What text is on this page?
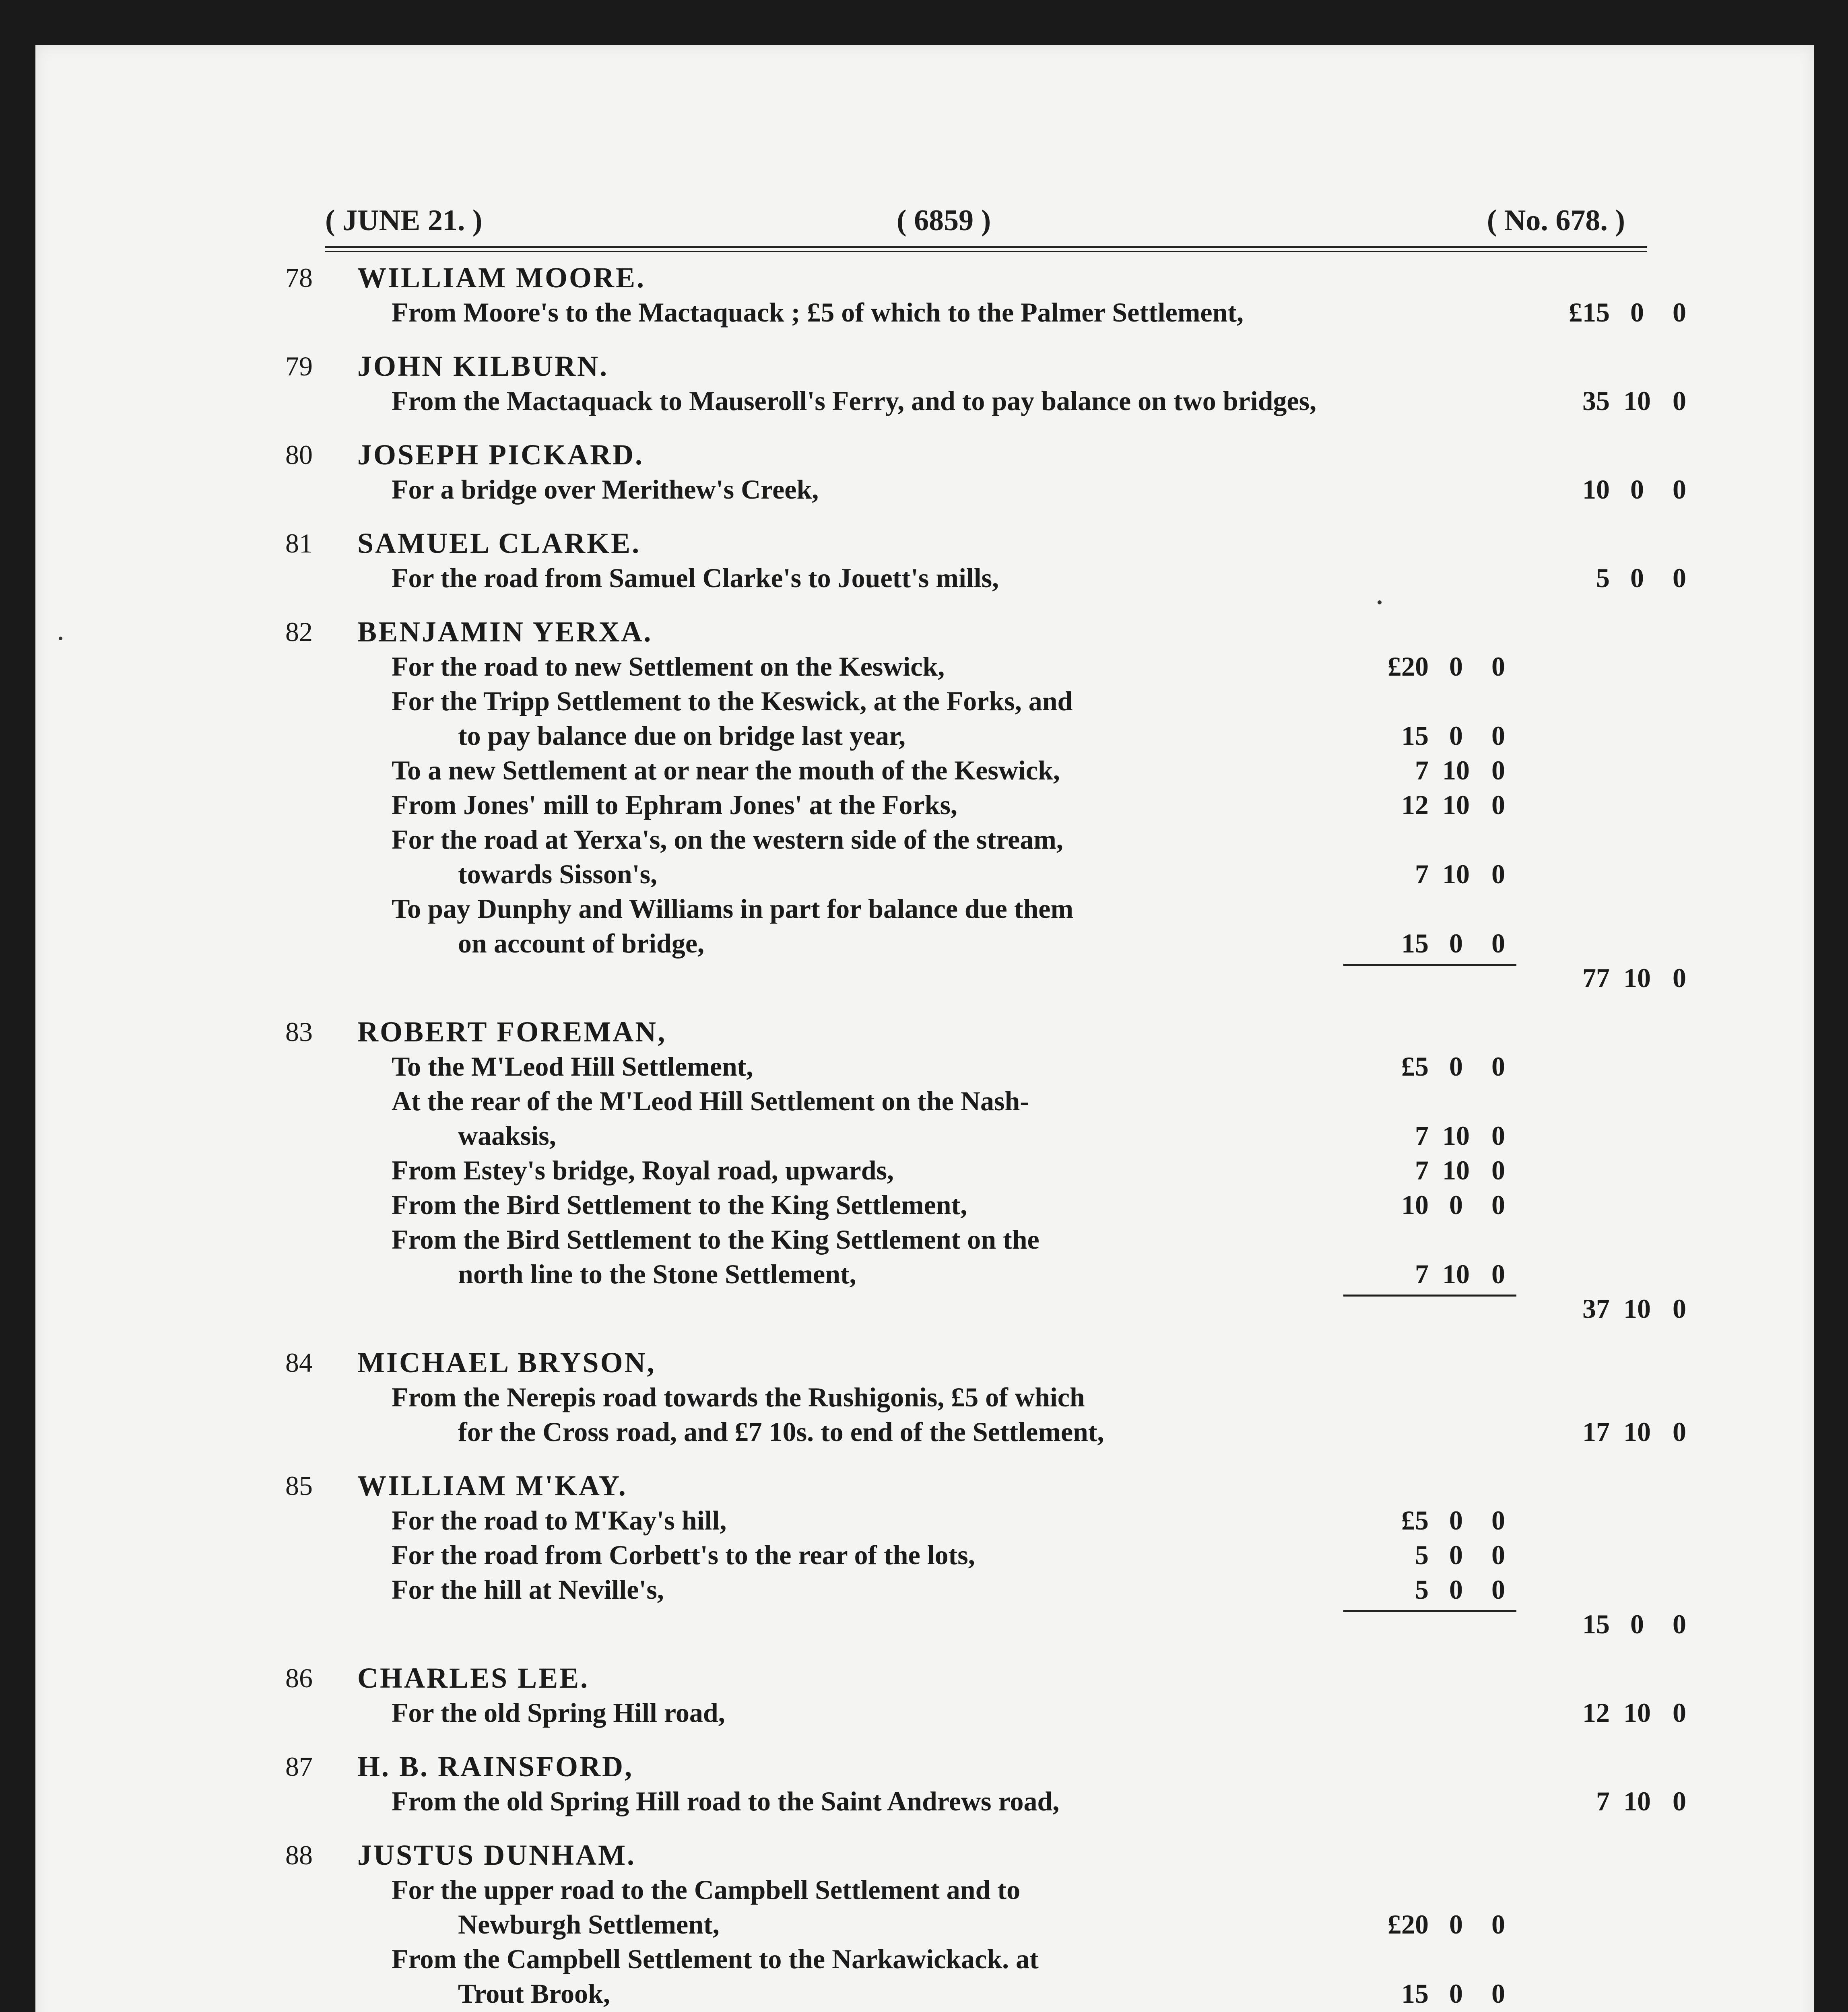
( JUNE 21. )	( 6859 )	( No. 678. )
78 WILLIAM MOORE.
From Moore's to the Mactaquack ; £5 of which to the Palmer Settlement,	£15 0	0
79 JOHN KILBURN.
From the Mactaquack to Mauseroll's Ferry, and to pay balance on two bridges,	35 10 0
80 JOSEPH PICKARD.
For a bridge over Merithew's Creek,	10 0	0
81 SAMUEL CLARKE.
For the road from Samuel Clarke's to Jouett's mills,	5 0	0
82 BENJAMIN YERXA.
For the road to new Settlement on the Keswick,	£20 0	0
For the Tripp Settlement to the Keswick, at the Forks, and
to pay balance due on bridge last year,	15 0	0
To a new Settlement at or near the mouth of the Keswick,	7 10 0
From Jones' mill to Ephram Jones' at the Forks,	12 10 0
For the road at Yerxa's, on the western side of the stream,
towards Sisson's,	7 10 0
To pay Dunphy and Williams in part for balance due them
on account of bridge,	15 0	0
77 10 0
83 ROBERT FOREMAN,
To the M'Leod Hill Settlement,	£5 0	0
At the rear of the M'Leod Hill Settlement on the Nash-
waaksis,	7 10 0
From Estey's bridge, Royal road, upwards,	7 10 0
From the Bird Settlement to the King Settlement,	10 0	0
From the Bird Settlement to the King Settlement on the
north line to the Stone Settlement,	7 10 0
37 10 0
84 MICHAEL BRYSON,
From the Nerepis road towards the Rushigonis, £5 of which
for the Cross road, and £7 10s. to end of the Settlement,	17 10 0
85 WILLIAM M'KAY.
For the road to M'Kay's hill,	£5 0	0
For the road from Corbett's to the rear of the lots,	5 0	0
For the hill at Neville's,	5 0	0
15 0	0
86 CHARLES LEE.
For the old Spring Hill road,	12 10 0
87 H. B. RAINSFORD,
From the old Spring Hill road to the Saint Andrews road,	7 10 0
88 JUSTUS DUNHAM.
For the upper road to the Campbell Settlement and to
Newburgh Settlement,	£20 0	0
From the Campbell Settlement to the Narkawickack. at
Trout Brook,	15 0	0
